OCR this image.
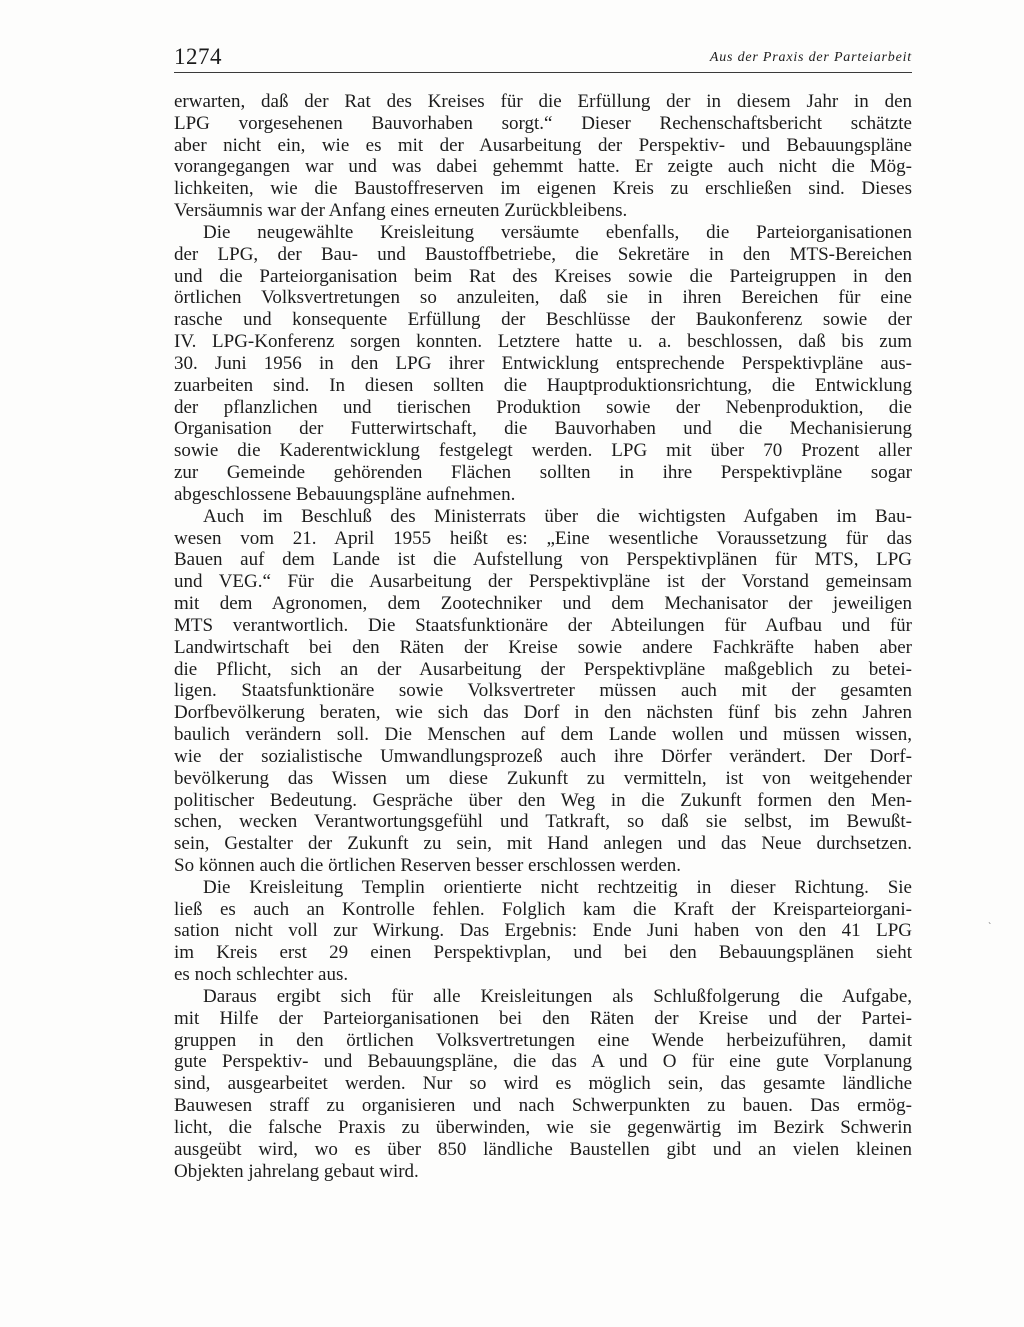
1274	Aus der Praxis der Parteiarbeit
erwarten, daß der Rat des Kreises für die Erfüllung der in diesem Jahr in den
LPG vorgesehenen Bauvorhaben sorgt.“ Dieser Rechenschaftsbericht schätzte
aber nicht ein, wie es mit der Ausarbeitung der Perspektiv- und Bebauungspläne
vorangegangen war und was dabei gehemmt hatte. Er zeigte auch nicht die Mög-
lichkeiten, wie die Baustoffreserven im eigenen Kreis zu erschließen sind. Dieses
Versäumnis war der Anfang eines erneuten Zurückbleibens.
Die neugewählte Kreisleitung versäumte ebenfalls, die Parteiorganisationen
der LPG, der Bau- und Baustoffbetriebe, die Sekretäre in den MTS-Bereichen
und die Parteiorganisation beim Rat des Kreises sowie die Parteigruppen in den
örtlichen Volksvertretungen so anzuleiten, daß sie in ihren Bereichen für eine
rasche und konsequente Erfüllung der Beschlüsse der Baukonferenz sowie der
IV. LPG-Konferenz sorgen konnten. Letztere hatte u. a. beschlossen, daß bis zum
30. Juni 1956 in den LPG ihrer Entwicklung entsprechende Perspektivpläne aus-
zuarbeiten sind. In diesen sollten die Hauptproduktionsrichtung, die Entwicklung
der pflanzlichen und tierischen Produktion sowie der Nebenproduktion, die
Organisation der Futterwirtschaft, die Bauvorhaben und die Mechanisierung
sowie die Kaderentwicklung festgelegt werden. LPG mit über 70 Prozent aller
zur Gemeinde gehörenden Flächen sollten in ihre Perspektivpläne sogar
abgeschlossene Bebauungspläne aufnehmen.
Auch im Beschluß des Ministerrats über die wichtigsten Aufgaben im Bau-
wesen vom 21. April 1955 heißt es: „Eine wesentliche Voraussetzung für das
Bauen auf dem Lande ist die Aufstellung von Perspektivplänen für MTS, LPG
und VEG.“ Für die Ausarbeitung der Perspektivpläne ist der Vorstand gemeinsam
mit dem Agronomen, dem Zootechniker und dem Mechanisator der jeweiligen
MTS verantwortlich. Die Staatsfunktionäre der Abteilungen für Aufbau und für
Landwirtschaft bei den Räten der Kreise sowie andere Fachkräfte haben aber
die Pflicht, sich an der Ausarbeitung der Perspektivpläne maßgeblich zu betei-
ligen. Staatsfunktionäre sowie Volksvertreter müssen auch mit der gesamten
Dorfbevölkerung beraten, wie sich das Dorf in den nächsten fünf bis zehn Jahren
baulich verändern soll. Die Menschen auf dem Lande wollen und müssen wissen,
wie der sozialistische Umwandlungsprozeß auch ihre Dörfer verändert. Der Dorf-
bevölkerung das Wissen um diese Zukunft zu vermitteln, ist von weitgehender
politischer Bedeutung. Gespräche über den Weg in die Zukunft formen den Men-
schen, wecken Verantwortungsgefühl und Tatkraft, so daß sie selbst, im Bewußt-
sein, Gestalter der Zukunft zu sein, mit Hand anlegen und das Neue durchsetzen.
So können auch die örtlichen Reserven besser erschlossen werden.
Die Kreisleitung Templin orientierte nicht rechtzeitig in dieser Richtung. Sie
ließ es auch an Kontrolle fehlen. Folglich kam die Kraft der Kreisparteiorgani-
sation nicht voll zur Wirkung. Das Ergebnis: Ende Juni haben von den 41 LPG
im Kreis erst 29 einen Perspektivplan, und bei den Bebauungsplänen sieht
es noch schlechter aus.
Daraus ergibt sich für alle Kreisleitungen als Schlußfolgerung die Aufgabe,
mit Hilfe der Parteiorganisationen bei den Räten der Kreise und der Partei-
gruppen in den örtlichen Volksvertretungen eine Wende herbeizuführen, damit
gute Perspektiv- und Bebauungspläne, die das A und O für eine gute Vorplanung
sind, ausgearbeitet werden. Nur so wird es möglich sein, das gesamte ländliche
Bauwesen straff zu organisieren und nach Schwerpunkten zu bauen. Das ermög-
licht, die falsche Praxis zu überwinden, wie sie gegenwärtig im Bezirk Schwerin
ausgeübt wird, wo es über 850 ländliche Baustellen gibt und an vielen kleinen
Objekten jahrelang gebaut wird.
ˋ
